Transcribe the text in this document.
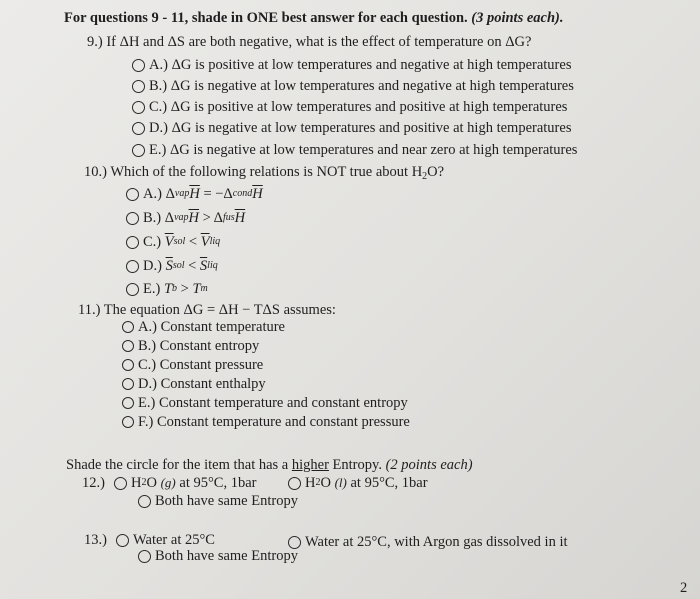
For questions 9 - 11, shade in ONE best answer for each question. (3 points each).
9.) If ΔH and ΔS are both negative, what is the effect of temperature on ΔG?
A.)
ΔG is positive at low temperatures and negative at high temperatures
B.)
ΔG is negative at low temperatures and negative at high temperatures
C.)
ΔG is positive at low temperatures and positive at high temperatures
D.)
ΔG is negative at low temperatures and positive at high temperatures
E.)
ΔG is negative at low temperatures and near zero at high temperatures
10.) Which of the following relations is NOT true about $H_2O$?
A.)
Δ vap $\overline{H}$
= −Δ cond $\overline{H}$
B.)
Δ vap $\overline{H}$
> Δ fus $\overline{H}$
C.)
$\overline{V}$ sol
<
$\overline{V}$ liq
D.)
$\overline{S}$ sol
<
$\overline{S}$ liq
E.)
T b
>
T m
11.) The equation ΔG = ΔH − TΔS assumes:
A.)
Constant temperature
B.)
Constant entropy
C.)
Constant pressure
D.)
Constant enthalpy
E.)
Constant temperature and constant entropy
F.)
Constant temperature and constant pressure
Shade the circle for the item that has a higher Entropy. (2 points each)
12.) H 2 O
(g)
at 95°C, 1bar	H 2 O
(l)
at 95°C, 1bar
Both have same Entropy
13.) Water at 25°C	Water at 25°C, with Argon gas dissolved in it
Both have same Entropy
2
